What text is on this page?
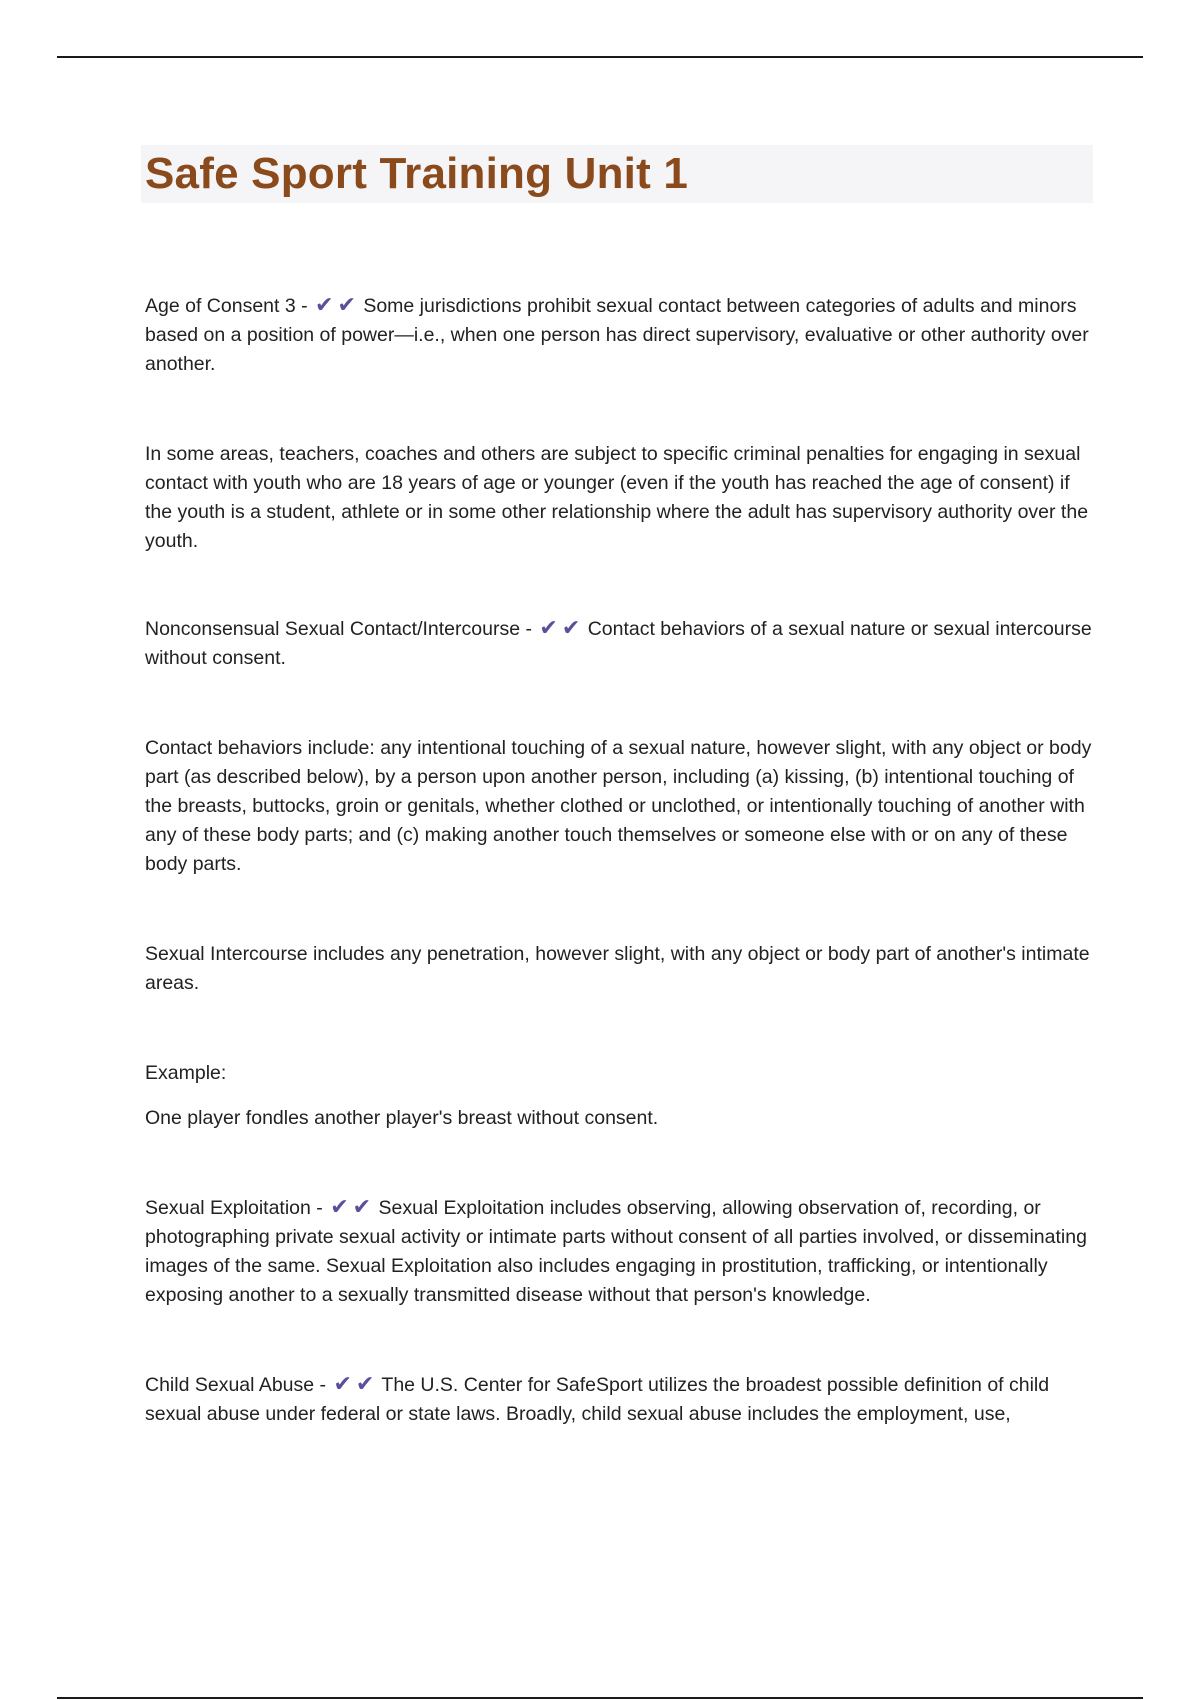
Safe Sport Training Unit 1

Age of Consent 3 - ✔ ✔ Some jurisdictions prohibit sexual contact between categories of adults and minors based on a position of power—i.e., when one person has direct supervisory, evaluative or other authority over another.

In some areas, teachers, coaches and others are subject to specific criminal penalties for engaging in sexual contact with youth who are 18 years of age or younger (even if the youth has reached the age of consent) if the youth is a student, athlete or in some other relationship where the adult has supervisory authority over the youth.

Nonconsensual Sexual Contact/Intercourse - ✔ ✔ Contact behaviors of a sexual nature or sexual intercourse without consent.

Contact behaviors include: any intentional touching of a sexual nature, however slight, with any object or body part (as described below), by a person upon another person, including (a) kissing, (b) intentional touching of the breasts, buttocks, groin or genitals, whether clothed or unclothed, or intentionally touching of another with any of these body parts; and (c) making another touch themselves or someone else with or on any of these body parts.

Sexual Intercourse includes any penetration, however slight, with any object or body part of another's intimate areas.

Example:

One player fondles another player's breast without consent.

Sexual Exploitation - ✔ ✔ Sexual Exploitation includes observing, allowing observation of, recording, or photographing private sexual activity or intimate parts without consent of all parties involved, or disseminating images of the same. Sexual Exploitation also includes engaging in prostitution, trafficking, or intentionally exposing another to a sexually transmitted disease without that person's knowledge.

Child Sexual Abuse - ✔ ✔ The U.S. Center for SafeSport utilizes the broadest possible definition of child sexual abuse under federal or state laws. Broadly, child sexual abuse includes the employment, use,
